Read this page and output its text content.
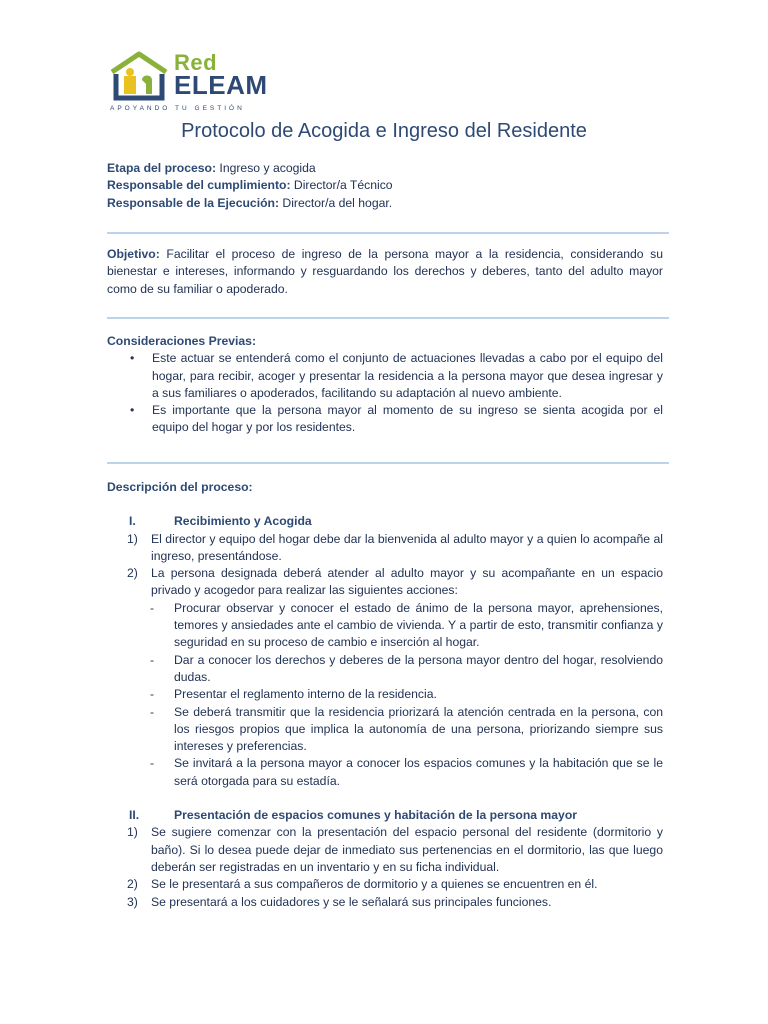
Red
ELEAM
APOYANDO TU GESTIÓN
Protocolo de Acogida e Ingreso del Residente
Etapa del proceso: Ingreso y acogida
Responsable del cumplimiento: Director/a Técnico
Responsable de la Ejecución: Director/a del hogar.
Objetivo: Facilitar el proceso de ingreso de la persona mayor a la residencia, considerando su bienestar e intereses, informando y resguardando los derechos y deberes, tanto del adulto mayor como de su familiar o apoderado.
Consideraciones Previas:
• Este actuar se entenderá como el conjunto de actuaciones llevadas a cabo por el equipo del hogar, para recibir, acoger y presentar la residencia a la persona mayor que desea ingresar y a sus familiares o apoderados, facilitando su adaptación al nuevo ambiente.
• Es importante que la persona mayor al momento de su ingreso se sienta acogida por el equipo del hogar y por los residentes.
Descripción del proceso:
I.	Recibimiento y Acogida
1) El director y equipo del hogar debe dar la bienvenida al adulto mayor y a quien lo acompañe al ingreso, presentándose.
2) La persona designada deberá atender al adulto mayor y su acompañante en un espacio privado y acogedor para realizar las siguientes acciones:
- Procurar observar y conocer el estado de ánimo de la persona mayor, aprehensiones, temores y ansiedades ante el cambio de vivienda. Y a partir de esto, transmitir confianza y seguridad en su proceso de cambio e inserción al hogar.
- Dar a conocer los derechos y deberes de la persona mayor dentro del hogar, resolviendo dudas.
- Presentar el reglamento interno de la residencia.
- Se deberá transmitir que la residencia priorizará la atención centrada en la persona, con los riesgos propios que implica la autonomía de una persona, priorizando siempre sus intereses y preferencias.
- Se invitará a la persona mayor a conocer los espacios comunes y la habitación que se le será otorgada para su estadía.
II.	Presentación de espacios comunes y habitación de la persona mayor
1) Se sugiere comenzar con la presentación del espacio personal del residente (dormitorio y baño). Si lo desea puede dejar de inmediato sus pertenencias en el dormitorio, las que luego deberán ser registradas en un inventario y en su ficha individual.
2) Se le presentará a sus compañeros de dormitorio y a quienes se encuentren en él.
3) Se presentará a los cuidadores y se le señalará sus principales funciones.
